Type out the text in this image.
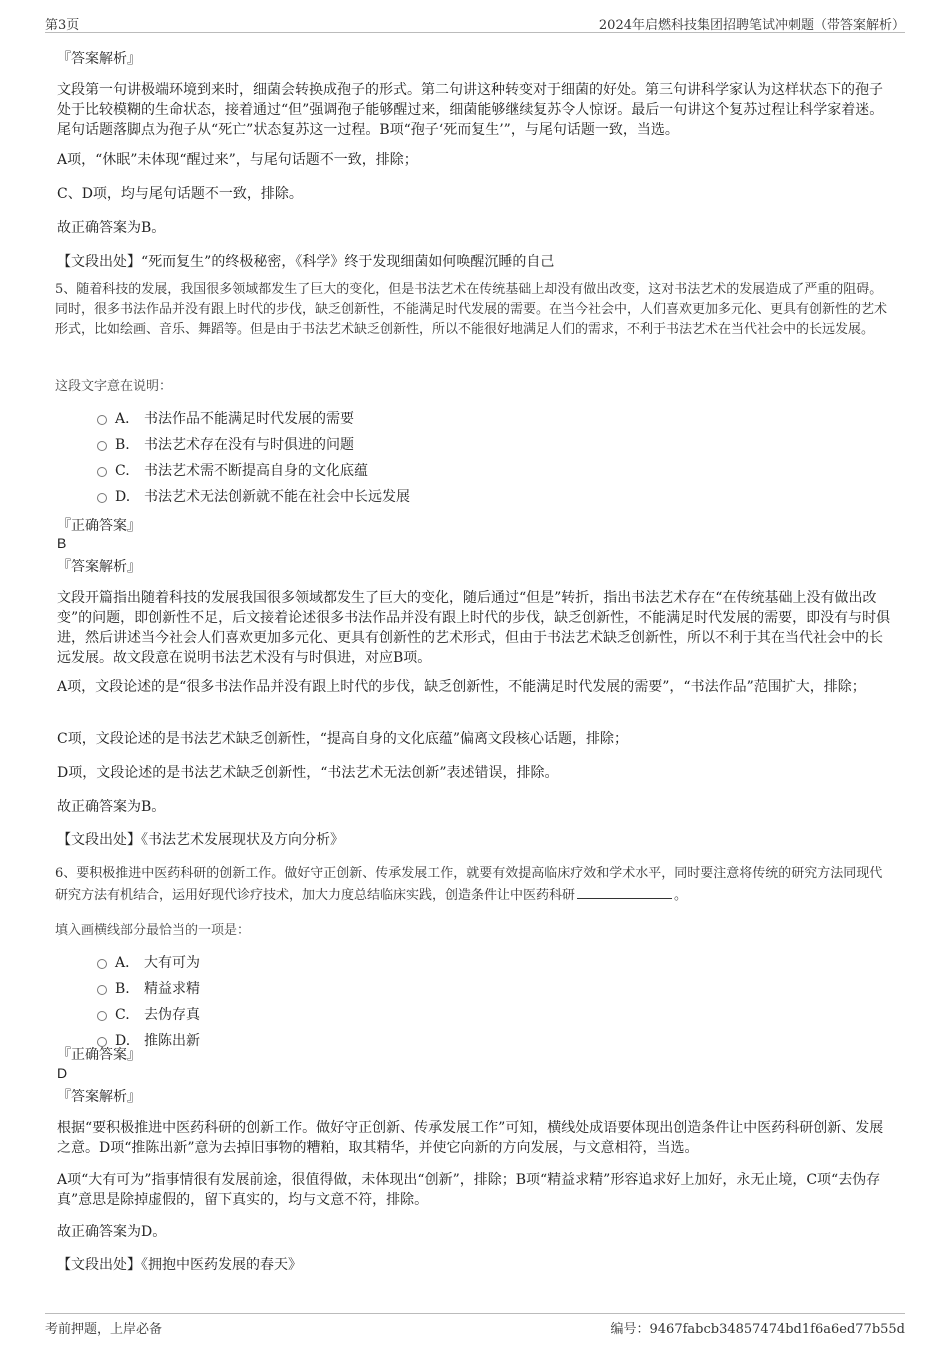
第3页	2024年启燃科技集团招聘笔试冲刺题（带答案解析）
『答案解析』
文段第一句讲极端环境到来时，细菌会转换成孢子的形式。第二句讲这种转变对于细菌的好处。第三句讲科学家认为这样状态下的孢子处于比较模糊的生命状态，接着通过“但”强调孢子能够醒过来，细菌能够继续复苏令人惊讶。最后一句讲这个复苏过程让科学家着迷。尾句话题落脚点为孢子从“死亡”状态复苏这一过程。B项“孢子‘死而复生’”，与尾句话题一致，当选。
A项，“休眠”未体现“醒过来”，与尾句话题不一致，排除；
C、D项，均与尾句话题不一致，排除。
故正确答案为B。
【文段出处】“死而复生”的终极秘密，《科学》终于发现细菌如何唤醒沉睡的自己
5、随着科技的发展，我国很多领域都发生了巨大的变化，但是书法艺术在传统基础上却没有做出改变，这对书法艺术的发展造成了严重的阻碍。同时，很多书法作品并没有跟上时代的步伐，缺乏创新性，不能满足时代发展的需要。在当今社会中，人们喜欢更加多元化、更具有创新性的艺术形式，比如绘画、音乐、舞蹈等。但是由于书法艺术缺乏创新性，所以不能很好地满足人们的需求，不利于书法艺术在当代社会中的长远发展。
这段文字意在说明：
A． 书法作品不能满足时代发展的需要
B. 书法艺术存在没有与时俱进的问题
C. 书法艺术需不断提高自身的文化底蕴
D. 书法艺术无法创新就不能在社会中长远发展
『正确答案』
B
『答案解析』
文段开篇指出随着科技的发展我国很多领域都发生了巨大的变化，随后通过“但是”转折，指出书法艺术存在“在传统基础上没有做出改变”的问题，即创新性不足，后文接着论述很多书法作品并没有跟上时代的步伐，缺乏创新性，不能满足时代发展的需要，即没有与时俱进，然后讲述当今社会人们喜欢更加多元化、更具有创新性的艺术形式，但由于书法艺术缺乏创新性，所以不利于其在当代社会中的长远发展。故文段意在说明书法艺术没有与时俱进，对应B项。
A项，文段论述的是“很多书法作品并没有跟上时代的步伐，缺乏创新性，不能满足时代发展的需要”，“书法作品”范围扩大，排除；
C项，文段论述的是书法艺术缺乏创新性，“提高自身的文化底蕴”偏离文段核心话题，排除；
D项，文段论述的是书法艺术缺乏创新性，“书法艺术无法创新”表述错误，排除。
故正确答案为B。
【文段出处】《书法艺术发展现状及方向分析》
6、要积极推进中医药科研的创新工作。做好守正创新、传承发展工作，就要有效提高临床疗效和学术水平，同时要注意将传统的研究方法同现代研究方法有机结合，运用好现代诊疗技术，加大力度总结临床实践，创造条件让中医药科研	。
填入画横线部分最恰当的一项是：
A． 大有可为
B. 精益求精
C. 去伪存真
D. 推陈出新
『正确答案』
D
『答案解析』
根据“要积极推进中医药科研的创新工作。做好守正创新、传承发展工作”可知，横线处成语要体现出创造条件让中医药科研创新、发展之意。D项“推陈出新”意为去掉旧事物的糟粕，取其精华，并使它向新的方向发展，与文意相符，当选。
A项“大有可为”指事情很有发展前途，很值得做，未体现出“创新”，排除；B项“精益求精”形容追求好上加好，永无止境，C项“去伪存真”意思是除掉虚假的，留下真实的，均与文意不符，排除。
故正确答案为D。
【文段出处】《拥抱中医药发展的春天》
考前押题，上岸必备	编号：9467fabcb34857474bd1f6a6ed77b55d
